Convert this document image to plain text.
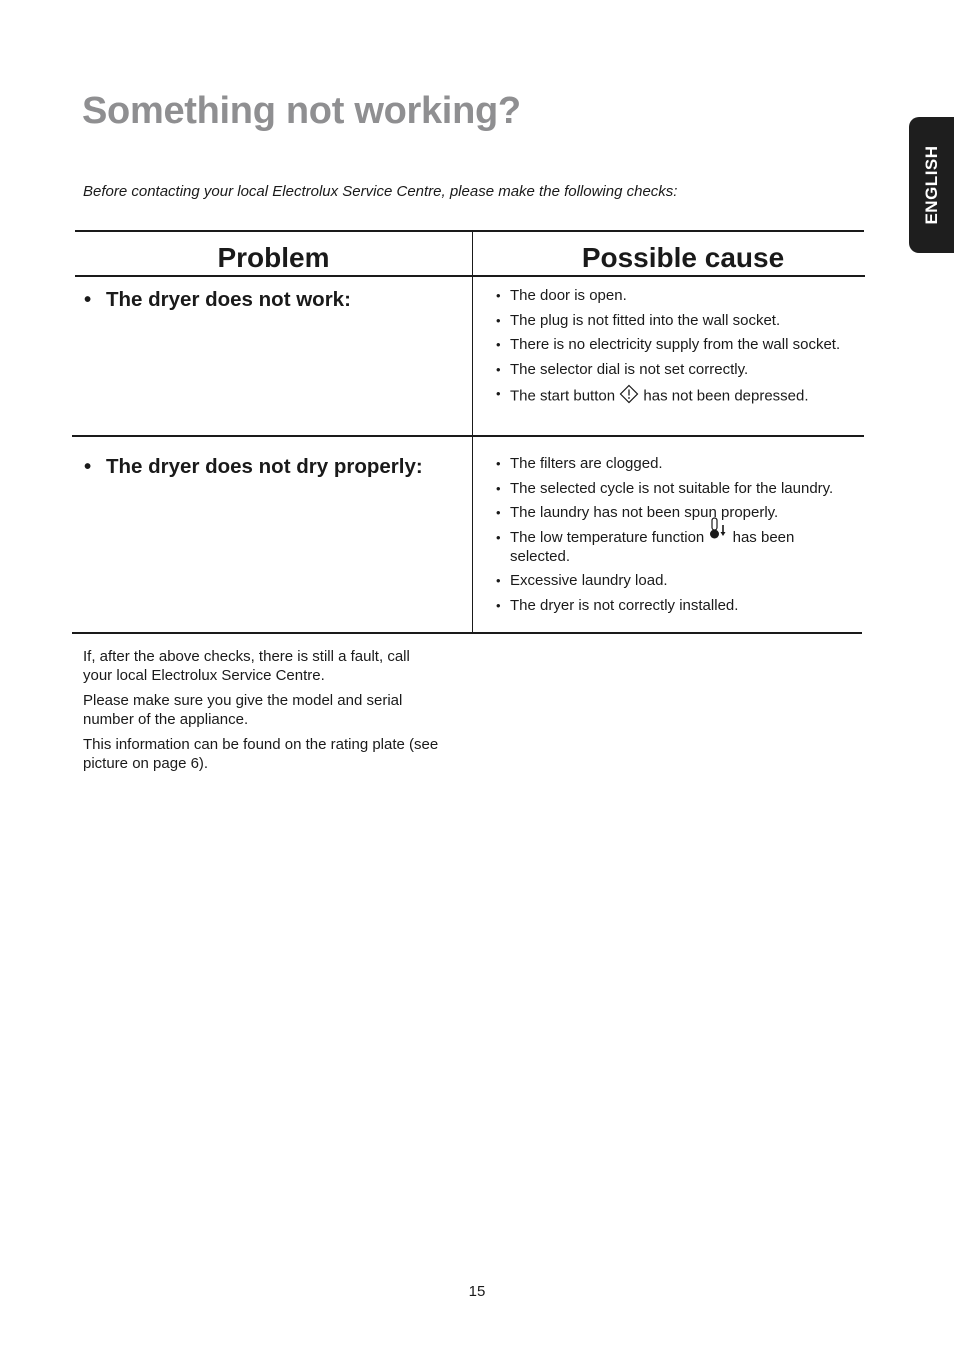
Something not working?

Before contacting your local Electrolux Service Centre, please make the following checks:	ENGLISH
Problem	Possible cause

• The dryer does not work:	• The door is open.
• The plug is not fitted into the wall socket.
• There is no electricity supply from the wall socket.
• The selector dial is not set correctly.
• The start button has not been depressed.

• The dryer does not dry properly:	• The filters are clogged.
• The selected cycle is not suitable for the laundry.
• The laundry has not been spun properly.
• The low temperature function has been selected.
• Excessive laundry load.
• The dryer is not correctly installed.

If, after the above checks, there is still a fault, call your local Electrolux Service Centre.

Please make sure you give the model and serial number of the appliance.

This information can be found on the rating plate (see picture on page 6).

15
